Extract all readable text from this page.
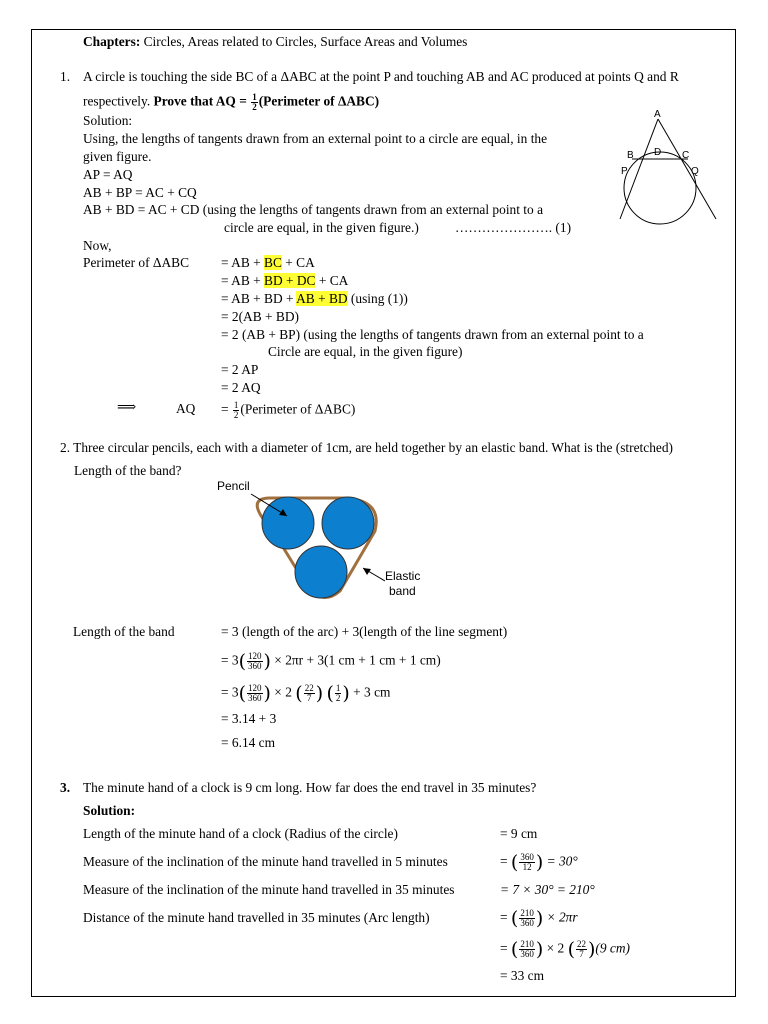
Chapters: Circles, Areas related to Circles, Surface Areas and Volumes
1. A circle is touching the side BC of a ΔABC at the point P and touching AB and AC produced at points Q and R
respectively. Prove that AQ = $\frac{1}{2}$ (Perimeter of ΔABC)
Solution:
Using, the lengths of tangents drawn from an external point to a circle are equal, in the
given figure.
AP = AQ
AB + BP = AC + CQ
AB + BD = AC + CD (using the lengths of tangents drawn from an external point to a
circle are equal, in the given figure.)	…………………. (1)
Now,
Perimeter of ΔABC = AB + BC + CA
= AB + BD + DC + CA
= AB + BD + AB + BD (using (1))
= 2(AB + BD)
= 2 (AB + BP) (using the lengths of tangents drawn from an external point to a
Circle are equal, in the given figure)
= 2 AP
= 2 AQ
⟹	AQ = $\frac{1}{2}$ (Perimeter of ΔABC)
A
B D C
P	Q
2. Three circular pencils, each with a diameter of 1cm, are held together by an elastic band. What is the (stretched)
Length of the band?
Pencil
Elastic
band
Length of the band	= 3 (length of the arc) + 3(length of the line segment)
= $3( \frac{120}{360}$ ) × 2πr + 3(1 cm + 1 cm + 1 cm)
= $3( \frac{120}{360}$ ) × 2 ( $\frac{22}{7}$ ) ( $\frac{1}{2}$ ) + 3 cm
= 3.14 + 3
= 6.14 cm
3. The minute hand of a clock is 9 cm long. How far does the end travel in 35 minutes?
Solution:
Length of the minute hand of a clock (Radius of the circle)	= 9 cm
Measure of the inclination of the minute hand travelled in 5 minutes	= ( $\frac{360}{12}$ ) = 30°
Measure of the inclination of the minute hand travelled in 35 minutes	= 7 × 30° = 210°
Distance of the minute hand travelled in 35 minutes (Arc length)	= ( $\frac{210}{360}$ ) × 2πr
= ( $\frac{210}{360}$ ) × 2 ( $\frac{22}{7} )(9$ cm)
= 33 cm
